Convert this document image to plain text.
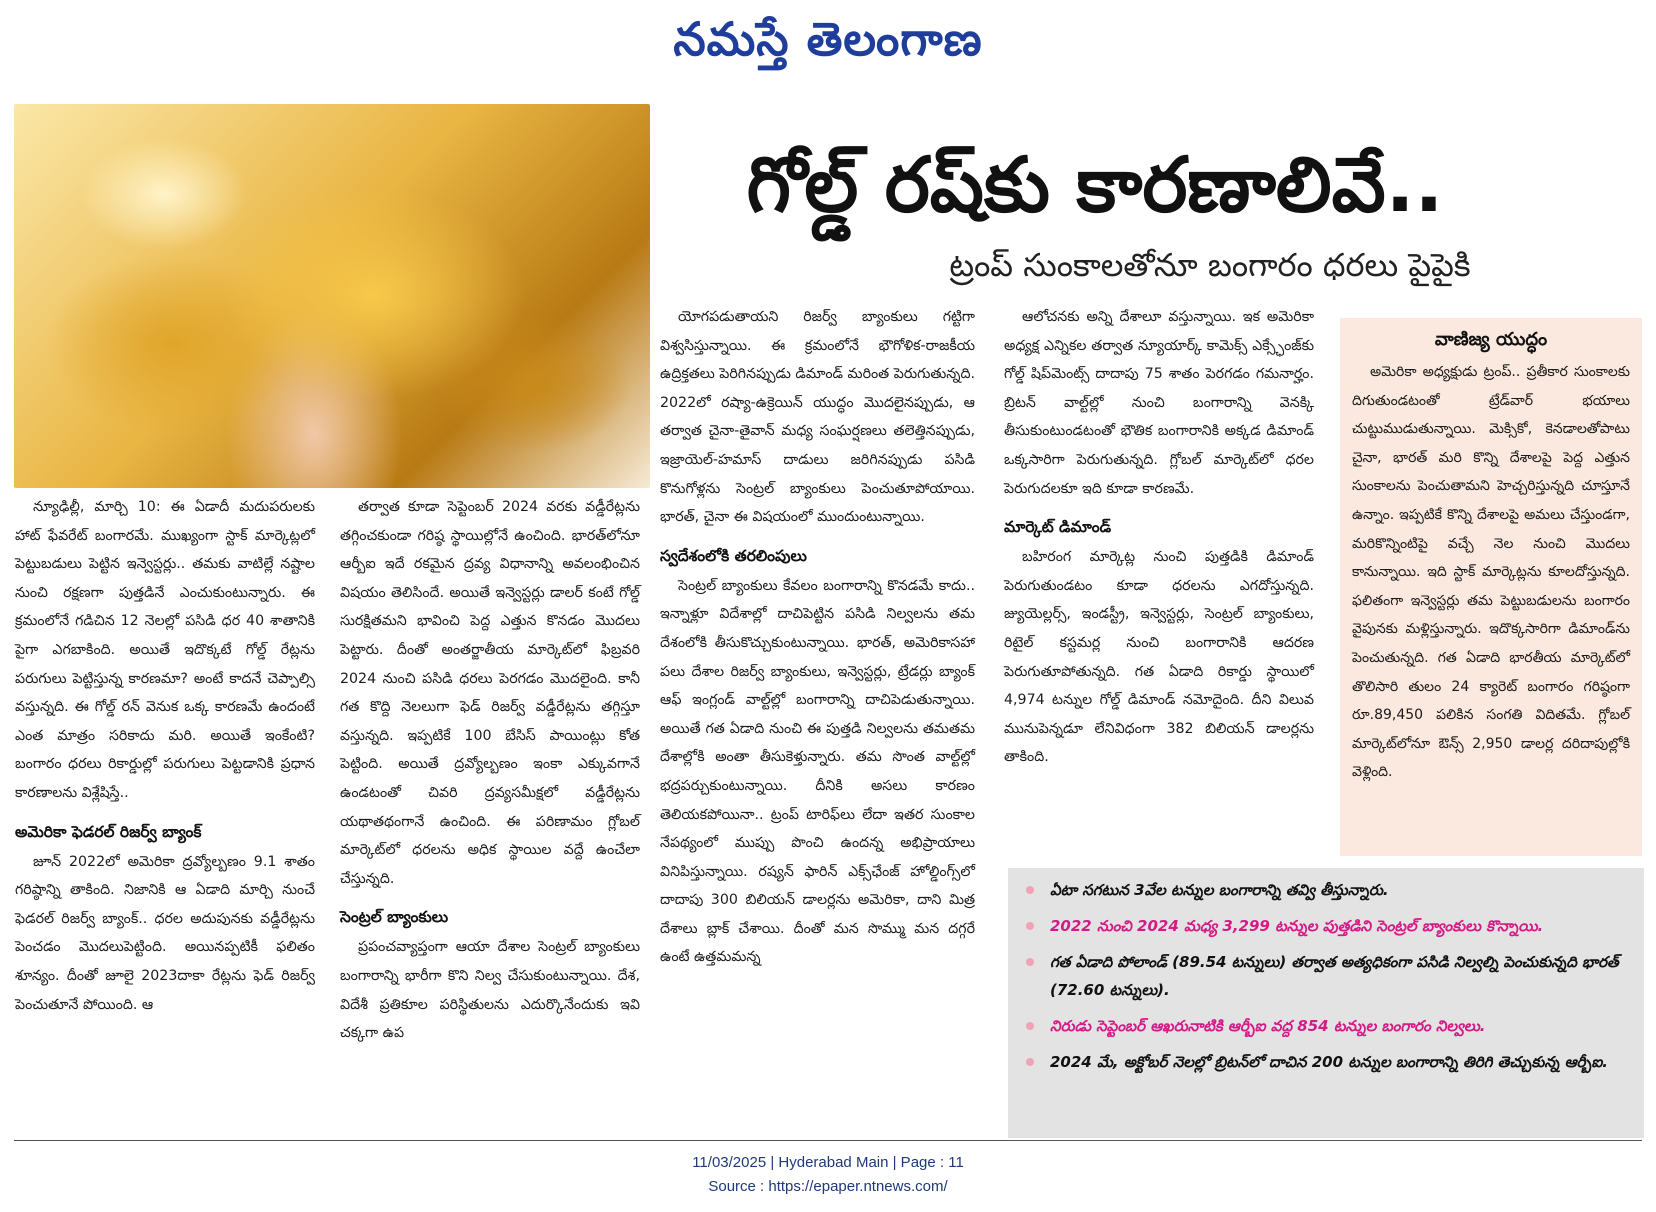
నమస్తే తెలంగాణ
గోల్డ్ రష్‌కు కారణాలివే..
ట్రంప్ సుంకాలతోనూ బంగారం ధరలు పైపైకి

న్యూఢిల్లీ, మార్చి 10: ఈ ఏడాదీ మదుపరులకు హాట్ ఫేవరేట్ బంగారమే. ముఖ్యంగా స్టాక్ మార్కెట్లలో పెట్టుబడులు పెట్టిన ఇన్వెస్టర్లు.. తమకు వాటిల్లే నష్టాల నుంచి రక్షణగా పుత్తడినే ఎంచుకుంటున్నారు. ఈ క్రమంలోనే గడిచిన 12 నెలల్లో పసిడి ధర 40 శాతానికి పైగా ఎగబాకింది. అయితే ఇదొక్కటే గోల్డ్ రేట్లను పరుగులు పెట్టిస్తున్న కారణమా? అంటే కాదనే చెప్పాల్సి వస్తున్నది. ఈ గోల్డ్ రన్ వెనుక ఒక్క కారణమే ఉందంటే ఎంత మాత్రం సరికాదు మరి. అయితే ఇంకేంటి? బంగారం ధరలు రికార్డుల్లో పరుగులు పెట్టడానికి ప్రధాన కారణాలను విశ్లేషిస్తే..

అమెరికా ఫెడరల్ రిజర్వ్ బ్యాంక్

జూన్ 2022లో అమెరికా ద్రవ్యోల్బణం 9.1 శాతం గరిష్ఠాన్ని తాకింది. నిజానికి ఆ ఏడాది మార్చి నుంచే ఫెడరల్ రిజర్వ్ బ్యాంక్.. ధరల అదుపునకు వడ్డీరేట్లను పెంచడం మొదలుపెట్టింది. అయినప్పటికీ ఫలితం శూన్యం. దీంతో జూలై 2023దాకా రేట్లను ఫెడ్ రిజర్వ్ పెంచుతూనే పోయింది. ఆ

తర్వాత కూడా సెప్టెంబర్ 2024 వరకు వడ్డీరేట్లను తగ్గించకుండా గరిష్ఠ స్థాయిల్లోనే ఉంచింది. భారత్‌లోనూ ఆర్బీఐ ఇదే రకమైన ద్రవ్య విధానాన్ని అవలంభించిన విషయం తెలిసిందే. అయితే ఇన్వెస్టర్లు డాలర్ కంటే గోల్డ్ సురక్షితమని భావించి పెద్ద ఎత్తున కొనడం మొదలు పెట్టారు. దీంతో అంతర్జాతీయ మార్కెట్‌లో ఫిబ్రవరి 2024 నుంచి పసిడి ధరలు పెరగడం మొదలైంది. కానీ గత కొద్ది నెలలుగా ఫెడ్ రిజర్వ్ వడ్డీరేట్లను తగ్గిస్తూ వస్తున్నది. ఇప్పటికే 100 బేసిస్ పాయింట్లు కోత పెట్టింది. అయితే ద్రవ్యోల్బణం ఇంకా ఎక్కువగానే ఉండటంతో చివరి ద్రవ్యసమీక్షలో వడ్డీరేట్లను యథాతథంగానే ఉంచింది. ఈ పరిణామం గ్లోబల్ మార్కెట్‌లో ధరలను అధిక స్థాయిల వద్దే ఉంచేలా చేస్తున్నది.

సెంట్రల్ బ్యాంకులు

ప్రపంచవ్యాప్తంగా ఆయా దేశాల సెంట్రల్ బ్యాంకులు బంగారాన్ని భారీగా కొని నిల్వ చేసుకుంటున్నాయి. దేశ, విదేశీ ప్రతికూల పరిస్థితులను ఎదుర్కొనేందుకు ఇవి చక్కగా ఉప

యోగపడుతాయని రిజర్వ్ బ్యాంకులు గట్టిగా విశ్వసిస్తున్నాయి. ఈ క్రమంలోనే భౌగోళిక-రాజకీయ ఉద్రిక్తతలు పెరిగినప్పుడు డిమాండ్ మరింత పెరుగుతున్నది. 2022లో రష్యా-ఉక్రెయిన్ యుద్ధం మొదలైనప్పుడు, ఆ తర్వాత చైనా-తైవాన్ మధ్య సంఘర్షణలు తలెత్తినప్పుడు, ఇజ్రాయెల్-హమాస్ దాడులు జరిగినప్పుడు పసిడి కొనుగోళ్లను సెంట్రల్ బ్యాంకులు పెంచుతూపోయాయి. భారత్, చైనా ఈ విషయంలో ముందుంటున్నాయి.

స్వదేశంలోకి తరలింపులు

సెంట్రల్ బ్యాంకులు కేవలం బంగారాన్ని కొనడమే కాదు.. ఇన్నాళ్లూ విదేశాల్లో దాచిపెట్టిన పసిడి నిల్వలను తమ దేశంలోకి తీసుకొచ్చుకుంటున్నాయి. భారత్, అమెరికాసహా పలు దేశాల రిజర్వ్ బ్యాంకులు, ఇన్వెస్టర్లు, ట్రేడర్లు బ్యాంక్ ఆఫ్ ఇంగ్లండ్ వాల్ట్‌ల్లో బంగారాన్ని దాచిపెడుతున్నాయి. అయితే గత ఏడాది నుంచి ఈ పుత్తడి నిల్వలను తమతమ దేశాల్లోకి అంతా తీసుకెళ్తున్నారు. తమ సొంత వాల్ట్‌ల్లో భద్రపర్చుకుంటున్నాయి. దీనికి అసలు కారణం తెలియకపోయినా.. ట్రంప్ టారిఫ్‌లు లేదా ఇతర సుంకాల నేపథ్యంలో ముప్పు పొంచి ఉందన్న అభిప్రాయాలు వినిపిస్తున్నాయి. రష్యన్ ఫారిన్ ఎక్స్‌ఛేంజ్ హోల్డింగ్స్‌లో దాదాపు 300 బిలియన్ డాలర్లను అమెరికా, దాని మిత్ర దేశాలు బ్లాక్ చేశాయి. దీంతో మన సొమ్ము మన దగ్గరే ఉంటే ఉత్తమమన్న

ఆలోచనకు అన్ని దేశాలూ వస్తున్నాయి. ఇక అమెరికా అధ్యక్ష ఎన్నికల తర్వాత న్యూయార్క్ కామెక్స్ ఎక్స్ఛేంజ్‌కు గోల్డ్ షిప్‌మెంట్స్ దాదాపు 75 శాతం పెరగడం గమనార్హం. బ్రిటన్ వాల్ట్‌ల్లో నుంచి బంగారాన్ని వెనక్కి తీసుకుంటుండటంతో భౌతిక బంగారానికి అక్కడ డిమాండ్ ఒక్కసారిగా పెరుగుతున్నది. గ్లోబల్ మార్కెట్‌లో ధరల పెరుగుదలకూ ఇది కూడా కారణమే.

మార్కెట్ డిమాండ్

బహిరంగ మార్కెట్ల నుంచి పుత్తడికి డిమాండ్ పెరుగుతుండటం కూడా ధరలను ఎగదోస్తున్నది. జ్యుయెల్లర్స్, ఇండస్ట్రీ, ఇన్వెస్టర్లు, సెంట్రల్ బ్యాంకులు, రిటైల్ కస్టమర్ల నుంచి బంగారానికి ఆదరణ పెరుగుతూపోతున్నది. గత ఏడాది రికార్డు స్థాయిలో 4,974 టన్నుల గోల్డ్ డిమాండ్ నమోదైంది. దీని విలువ మునుపెన్నడూ లేనివిధంగా 382 బిలియన్ డాలర్లను తాకింది.

వాణిజ్య యుద్ధం

అమెరికా అధ్యక్షుడు ట్రంప్.. ప్రతీకార సుంకాలకు దిగుతుండటంతో ట్రేడ్‌వార్ భయాలు చుట్టుముడుతున్నాయి. మెక్సికో, కెనడాలతోపాటు చైనా, భారత్ మరి కొన్ని దేశాలపై పెద్ద ఎత్తున సుంకాలను పెంచుతామని హెచ్చరిస్తున్నది చూస్తూనే ఉన్నాం. ఇప్పటికే కొన్ని దేశాలపై అమలు చేస్తుండగా, మరికొన్నింటిపై వచ్చే నెల నుంచి మొదలు కానున్నాయి. ఇది స్టాక్ మార్కెట్లను కూలదోస్తున్నది. ఫలితంగా ఇన్వెస్టర్లు తమ పెట్టుబడులను బంగారం వైపునకు మళ్లిస్తున్నారు. ఇదొక్కసారిగా డిమాండ్‌ను పెంచుతున్నది. గత ఏడాది భారతీయ మార్కెట్‌లో తొలిసారి తులం 24 క్యారెట్ బంగారం గరిష్ఠంగా రూ.89,450 పలికిన సంగతి విదితమే. గ్లోబల్ మార్కెట్‌లోనూ ఔన్స్ 2,950 డాలర్ల దరిదాపుల్లోకి వెళ్లింది.

ఏటా సగటున 3వేల టన్నుల బంగారాన్ని తవ్వి తీస్తున్నారు.
2022 నుంచి 2024 మధ్య 3,299 టన్నుల పుత్తడిని సెంట్రల్ బ్యాంకులు కొన్నాయి.
గత ఏడాది పోలాండ్ (89.54 టన్నులు) తర్వాత అత్యధికంగా పసిడి నిల్వల్ని పెంచుకున్నది భారత్ (72.60 టన్నులు).
నిరుడు సెప్టెంబర్ ఆఖరునాటికి ఆర్బీఐ వద్ద 854 టన్నుల బంగారం నిల్వలు.
2024 మే, అక్టోబర్ నెలల్లో బ్రిటన్‌లో దాచిన 200 టన్నుల బంగారాన్ని తిరిగి తెచ్చుకున్న ఆర్బీఐ.
11/03/2025 | Hyderabad Main | Page : 11
Source : https://epaper.ntnews.com/
